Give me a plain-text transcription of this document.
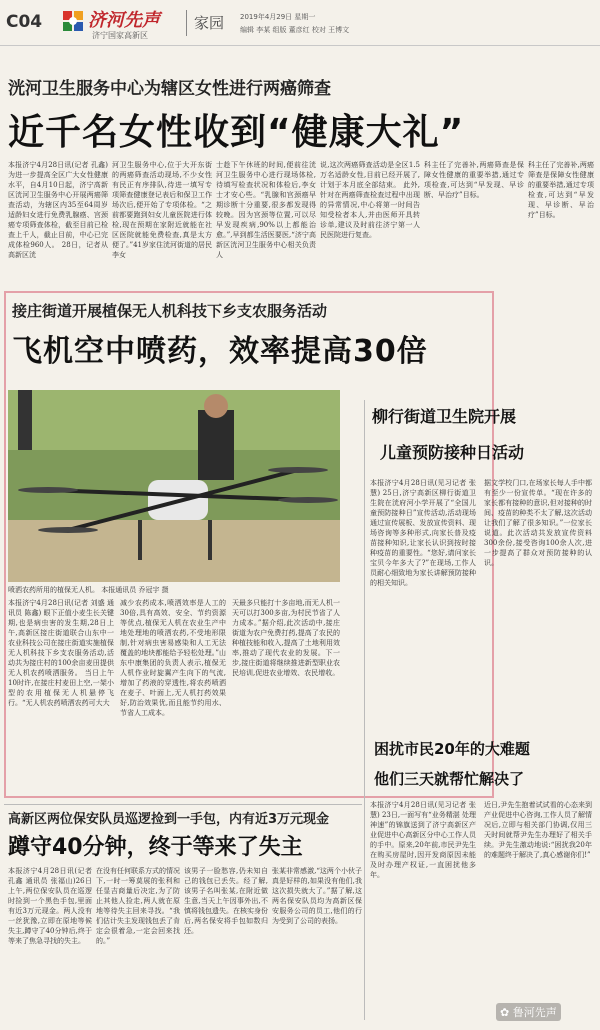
C04	济河先声
济宁国家高新区
家园 2019年4月29日 星期一
编辑 李某 组版 董彦红 校对 王博文
洸河卫生服务中心为辖区女性进行两癌筛查
近千名女性收到“健康大礼”
本报济宁4月28日讯(记者 孔鑫) 为进一步提高全区广大女性健康水平，自4月10日起，济宁高新区洸河卫生服务中心开展两癌筛查活动，为辖区内35至64周岁适龄妇女进行免费乳腺癌、宫颈癌专项筛查体检，截至目前已检查上千人，截止目前，中心已完成体检960人。 28日，记者从高新区洸
河卫生服务中心,位于大开东街的两癌筛查活动现场,不少女性有民正有序排队,待进一填写专项筛查健康登记表后和保卫工作场次后,便开始了专项体检。“之前都要跑到妇女儿童医院进行体检,现在预期在家附近就能在社区医院就能免费检查,真是太方便了。”41岁家住洸河街道的居民李女
士趁下午休班的时间,便前往洸河卫生服务中心进行现场体检,待填写检查状况和体检后,李女士才安心些。“乳腺和宫颈癌早期诊断十分重要,很多都发现得较晚。因为宫颈等位置,可以尽早发现疾病,90%以上都能治愈。”,早到都生活医要医,“济宁高新区洸河卫生服务中心相关负责人
说,这次两癌筛查活动是全区1.5万名适龄女性,目前已经开展了,计划于本月底全部结束。 此外,针对在两癌筛查检查过程中出现的异常情况,中心将第一时间告知受检者本人,并由医师开具转诊单,建议及时前往济宁第一人民医院进行复查。
科主任了完善补,两癌筛查是保障女性健康的重要举措,通过专项检查,可达到“早发现、早诊断、早治疗”目标。
科主任了完善补,两癌筛查是保障女性健康的重要举措,通过专项检查,可达到“早发现、早诊断、早治疗”目标。
接庄街道开展植保无人机科技下乡支农服务活动
飞机空中喷药，效率提高30倍
喷洒农药所用的植保无人机。 本报通讯员 乔冠宇 摄
本报济宁4月28日讯(记者 刘盛 通讯员 陈鑫) 眼下正值小麦生长关键期,也是病虫害的发生期,28日上午,高新区接庄街道联合山东中一农业科技公司在接庄街道实施植保无人机科技下乡支农服务活动,活动共为接庄村的100余亩麦田提供无人机农药喷洒服务。 当日上午10时许,在接庄村麦田上空,一架小型的农用植保无人机悬停飞行。“无人机农药喷洒农药可大大
减少农药成本,喷洒效率是人工的30倍,具有高效、安全、节约资源等优点,植保无人机在农业生产中地处理地的喷洒农药,不受地形限制,针对病虫害易感染和人工无法覆盖的地块都能给予轻松处理。”山东中康集团的负责人表示,植保无人机作业时旋翼产生向下的气流,增加了药液的穿透性,将农药喷洒在麦子、叶面上,无人机打药效果好,防治效果优,而且能节约用水、节省人工成本。
天最多只能打十多亩地,而无人机一天可以打300多亩,为村民节省了人力成本。”据介绍,此次活动中,接庄街道为农户免费打药,提高了农民的种植技能和收入,提高了土地利用效率,推动了现代农业的发展。下一步,接庄街道将继续推进新型职业农民培训,促进农业增效、农民增收。
柳行街道卫生院开展
儿童预防接种日活动
本报济宁4月28日讯(见习记者 张慧) 25日,济宁高新区柳行街道卫生院在洸府河小学开展了“全国儿童预防接种日”宣传活动,活动现场通过宣传展板、发放宣传资料、现场咨询等多种形式,向家长普及疫苗接种知识,让家长认识到按时接种疫苗的重要性。“您好,请问家长宝贝今年多大了?”在现场,工作人员耐心细致地为家长讲解预防接种的相关知识。
据文学校门口,在场家长每人手中都有至少一份宣传单。“现在许多的家长都有接种的意识,但对接种的时间、疫苗的种类不太了解,这次活动让我们了解了很多知识。”一位家长说道。此次活动共发放宣传资料300余份,接受咨询100余人次,进一步提高了群众对预防接种的认识。
困扰市民20年的大难题
他们三天就帮忙解决了
本报济宁4月28日讯(见习记者 张慧) 23日,一面写有“业务精湛 处理神速”的锦旗送到了济宁高新区产业促进中心高新区分中心工作人员的手中。原来,20年前,市民尹先生在购买房屋时,因开发商原因未能及时办理产权证,一直困扰他多年。
近日,尹先生抱着试试看的心态来到产业促进中心咨询,工作人员了解情况后,立即与相关部门协调,仅用三天时间就帮尹先生办理好了相关手续。尹先生激动地说:“困扰我20年的难题终于解决了,真心感谢你们!”
高新区两位保安队员巡逻捡到一手包，内有近3万元现金
蹲守40分钟，终于等来了失主
本报济宁4月28日讯(记者 孔鑫 通讯员 张福山)26日上午,两位保安队员在巡逻时捡到一个黑色手包,里面有近3万元现金。两人没有一丝犹豫,立即在原地等候失主,蹲守了40分钟后,终于等来了焦急寻找的失主。
在没有任何联系方式的情况下,一时一筹莫展的张利和任显吉商量后决定,为了防止其他人捡走,两人就在原地等待失主回来寻找。“我们估计失主发现钱包丢了肯定会很着急,一定会回来找的。”
该男子一脸愁容,仍未知自己的钱包已丢失。经了解,该男子名叫张某,在附近做生意,当天上午因事外出,不慎将钱包遗失。在核实身份后,两名保安将手包如数归还。
张某非常感激,“这两个小伙子真是好样的,如果没有他们,我这次损失就大了。”据了解,这两名保安队员均为高新区保安服务公司的员工,他们的行为受到了公司的表扬。
✿ 鲁河先声
